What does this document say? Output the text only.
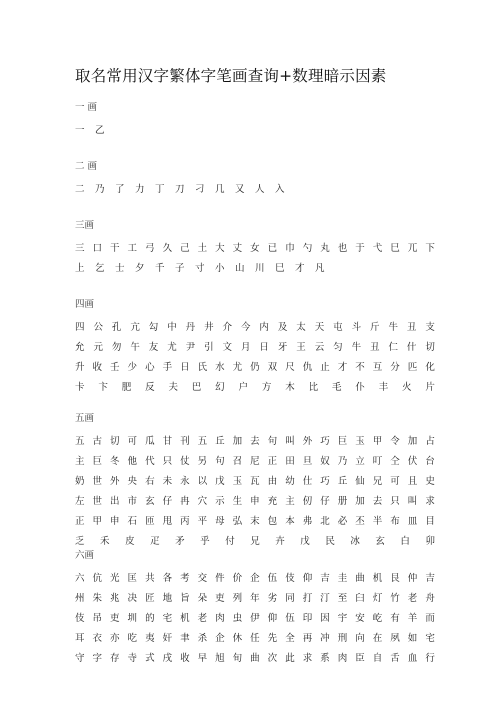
取名常用汉字繁体字笔画查询+数理暗示因素
一 画
一	乙
二 画
二	乃	了	力	丁	刀	刁	几	又	人	入
三画
三 口 干 工 弓 久 己 土 大 丈 女 已 巾 勺 丸 也 于 弋 巳 兀 下
上	乞	士	夕	千	子	寸	小	山	川	巳	才	凡
四画
四 公 孔 亢 勾 中 丹 井 介 今 内 及 太 天 屯 斗 斤 牛 丑 支
允 元 勿 午 友 尤 尹 引 文 月 日 牙 王 云 匀 牛 丑 仁 什 切
升 收 壬 少 心 手 日 氏 水 尤 仍 双 尺 仇 止 才 不 互 分 匹 化
卡 卞 肥 反 夫 巴 幻 户 方 木 比 毛 仆 丰 火 片
五画
五 古 切 可 瓜 甘 刊 五 丘 加 去 句 叫 外 巧 巨 玉 甲 令 加 占
主 巨 冬 他 代 只 仗 另 句 召 尼 正 田 旦 奴 乃 立 叮 仝 伏 台
奶 世 外 央 右 未 永 以 戊 玉 瓦 由 幼 仕 巧 丘 仙 兄 可 且 史
左 世 出 市 玄 仔 冉 穴 示 生 申 充 主 仞 仔 册 加 去 只 叫 求
正 甲 申 石 匝 甩 丙 平 母 弘 末 包 本 弗 北 必 丕 半 布 皿 目
乏 禾 皮 疋 矛 乎 付 兄 卉 戊 民 冰 玄 白 卯
六画
六 伉 光 匡 共 各 考 交 件 价 企 伍 伎 仰 吉 圭 曲 机 艮 仲 吉
州 朱 兆 决 匠 地 旨 朵 吏 列 年 劣 同 打 汀 至 臼 灯 竹 老 舟
伎 吊 吏 圳 的 宅 机 老 肉 虫 伊 仰 伍 印 因 宇 安 屹 有 羊 而
耳 衣 亦 吃 夷 奸 聿 杀 企 休 任 先 全 再 冲 刑 向 在 夙 如 宅
守 字 存 寺 式 戌 收 早 旭 旬 曲 次 此 求 系 肉 臣 自 舌 血 行
